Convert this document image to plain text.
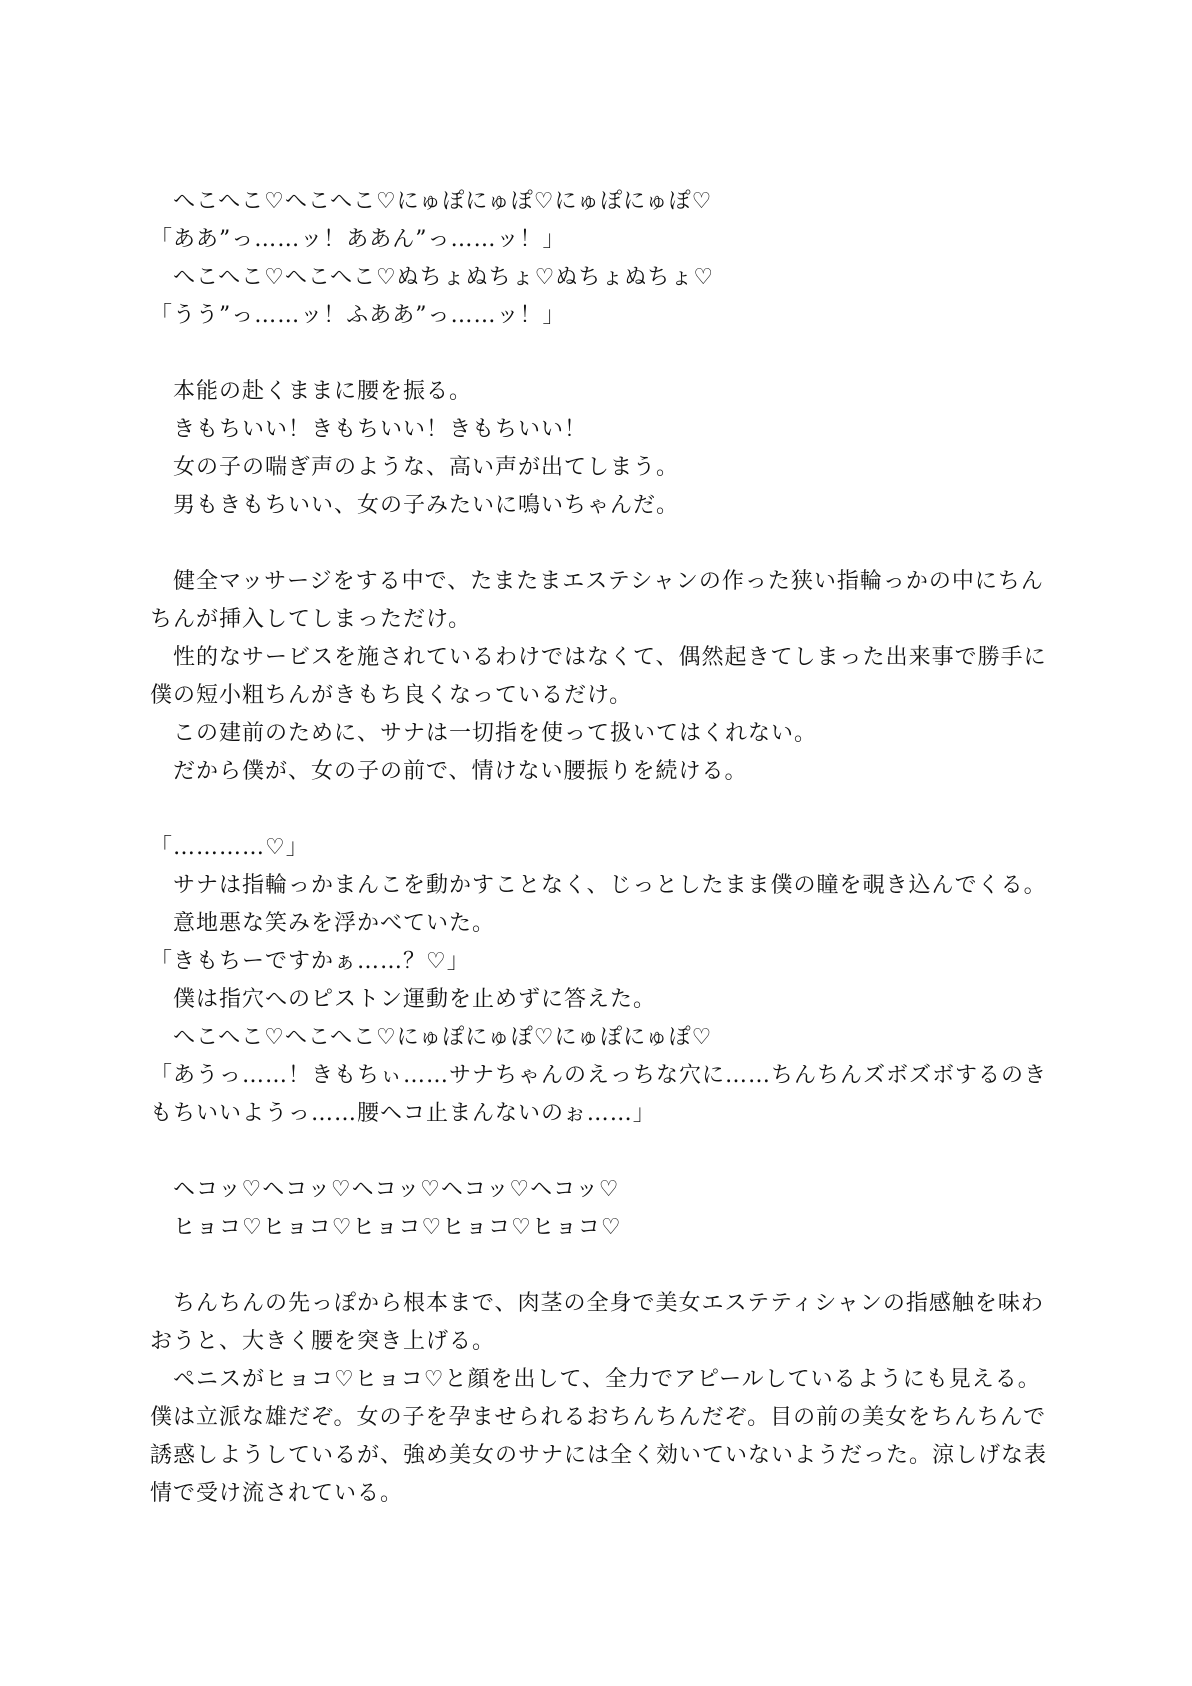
　へこへこ♡へこへこ♡にゅぽにゅぽ♡にゅぽにゅぽ♡

「ああ”っ……ッ！ああん”っ……ッ！」

　へこへこ♡へこへこ♡ぬちょぬちょ♡ぬちょぬちょ♡

「うう”っ……ッ！ふああ”っ……ッ！」

　本能の赴くままに腰を振る。

　きもちいい！きもちいい！きもちいい！

　女の子の喘ぎ声のような、高い声が出てしまう。

　男もきもちいい、女の子みたいに鳴いちゃんだ。

　健全マッサージをする中で、たまたまエステシャンの作った狭い指輪っかの中にちんちんが挿入してしまっただけ。

　性的なサービスを施されているわけではなくて、偶然起きてしまった出来事で勝手に僕の短小粗ちんがきもち良くなっているだけ。

　この建前のために、サナは一切指を使って扱いてはくれない。

　だから僕が、女の子の前で、情けない腰振りを続ける。

「…………♡」

　サナは指輪っかまんこを動かすことなく、じっとしたまま僕の瞳を覗き込んでくる。

　意地悪な笑みを浮かべていた。

「きもちーですかぁ……？♡」

　僕は指穴へのピストン運動を止めずに答えた。

　へこへこ♡へこへこ♡にゅぽにゅぽ♡にゅぽにゅぽ♡

「あうっ……！きもちぃ……サナちゃんのえっちな穴に……ちんちんズボズボするのきもちいいようっ……腰ヘコ止まんないのぉ……」

　ヘコッ♡ヘコッ♡ヘコッ♡ヘコッ♡ヘコッ♡

　ヒョコ♡ヒョコ♡ヒョコ♡ヒョコ♡ヒョコ♡

　ちんちんの先っぽから根本まで、肉茎の全身で美女エステティシャンの指感触を味わおうと、大きく腰を突き上げる。

　ペニスがヒョコ♡ヒョコ♡と顔を出して、全力でアピールしているようにも見える。僕は立派な雄だぞ。女の子を孕ませられるおちんちんだぞ。目の前の美女をちんちんで誘惑しようしているが、強め美女のサナには全く効いていないようだった。涼しげな表情で受け流されている。
